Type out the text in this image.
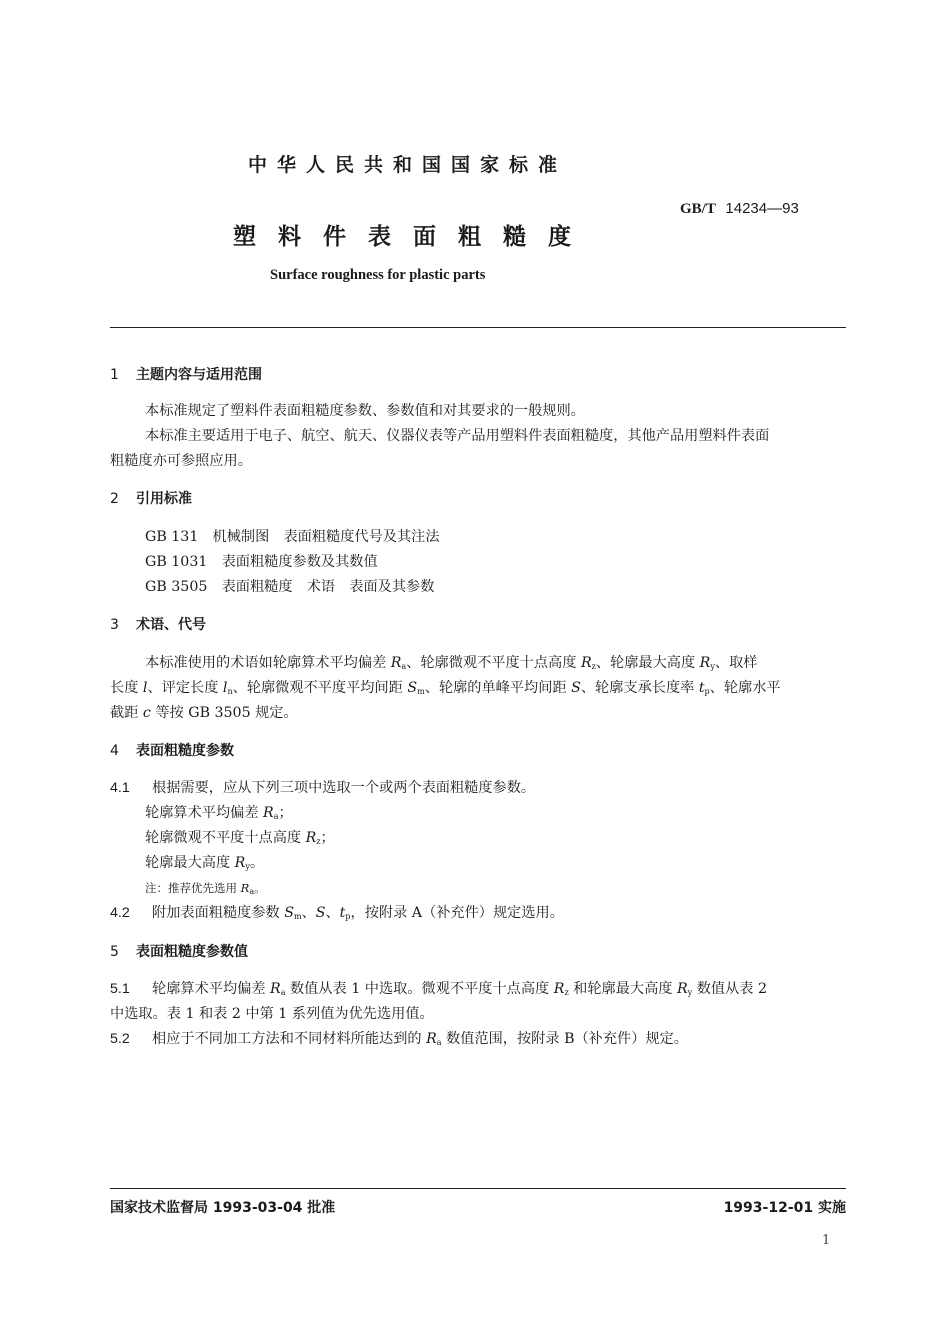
中华人民共和国国家标准
GB/T 14234—93
塑料件表面粗糙度
Surface roughness for plastic parts
1 主题内容与适用范围
本标准规定了塑料件表面粗糙度参数、参数值和对其要求的一般规则。
本标准主要适用于电子、航空、航天、仪器仪表等产品用塑料件表面粗糙度，其他产品用塑料件表面
粗糙度亦可参照应用。
2 引用标准
GB 131　机械制图　表面粗糙度代号及其注法
GB 1031　表面粗糙度参数及其数值
GB 3505　表面粗糙度　术语　表面及其参数
3 术语、代号
本标准使用的术语如轮廓算术平均偏差 $R_a$、轮廓微观不平度十点高度 $R_z$、轮廓最大高度 $R_y$、取样
长度 l、评定长度 $l_n$、轮廓微观不平度平均间距 $S_m$、轮廓的单峰平均间距 S、轮廓支承长度率 $t_p$、轮廓水平
截距 c 等按 GB 3505 规定。
4 表面粗糙度参数
4.1 根据需要，应从下列三项中选取一个或两个表面粗糙度参数。
轮廓算术平均偏差 $R_a$；
轮廓微观不平度十点高度 $R_z$；
轮廓最大高度 $R_y$。
注：推荐优先选用 $R_a$。
4.2 附加表面粗糙度参数 $S_m$、S、$t_p$，按附录 A（补充件）规定选用。
5 表面粗糙度参数值
5.1 轮廓算术平均偏差 $R_a$ 数值从表 1 中选取。微观不平度十点高度 $R_z$ 和轮廓最大高度 $R_y$ 数值从表 2
中选取。表 1 和表 2 中第 1 系列值为优先选用值。
5.2 相应于不同加工方法和不同材料所能达到的 $R_a$ 数值范围，按附录 B（补充件）规定。
国家技术监督局 1993-03-04 批准	1993-12-01 实施
1
